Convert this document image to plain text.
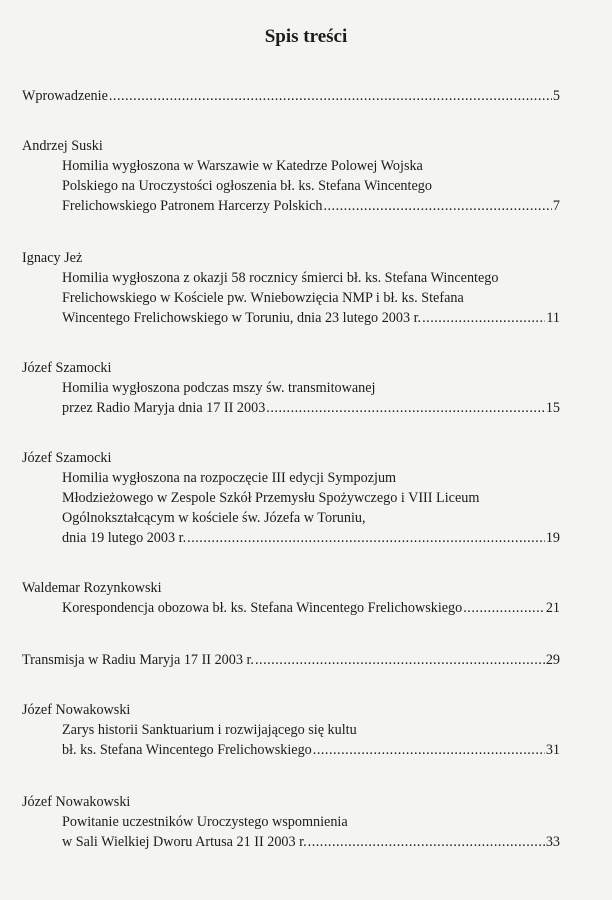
Spis treści
Wprowadzenie .....	5
Andrzej Suski
Homilia wygłoszona w Warszawie w Katedrze Polowej Wojska
Polskiego na Uroczystości ogłoszenia bł. ks. Stefana Wincentego
Frelichowskiego Patronem Harcerzy Polskich .....	7
Ignacy Jeż
Homilia wygłoszona z okazji 58 rocznicy śmierci bł. ks. Stefana Wincentego
Frelichowskiego w Kościele pw. Wniebowzięcia NMP i bł. ks. Stefana
Wincentego Frelichowskiego w Toruniu, dnia 23 lutego 2003 r. .....	11
Józef Szamocki
Homilia wygłoszona podczas mszy św. transmitowanej
przez Radio Maryja dnia 17 II 2003 .....	15
Józef Szamocki
Homilia wygłoszona na rozpoczęcie III edycji Sympozjum
Młodzieżowego w Zespole Szkół Przemysłu Spożywczego i VIII Liceum
Ogólnokształcącym w kościele św. Józefa w Toruniu,
dnia 19 lutego 2003 r. .....	19
Waldemar Rozynkowski
Korespondencja obozowa bł. ks. Stefana Wincentego Frelichowskiego .....	21
Transmisja w Radiu Maryja 17 II 2003 r. .....	29
Józef Nowakowski
Zarys historii Sanktuarium i rozwijającego się kultu
bł. ks. Stefana Wincentego Frelichowskiego .....	31
Józef Nowakowski
Powitanie uczestników Uroczystego wspomnienia
w Sali Wielkiej Dworu Artusa 21 II 2003 r. .....	33
